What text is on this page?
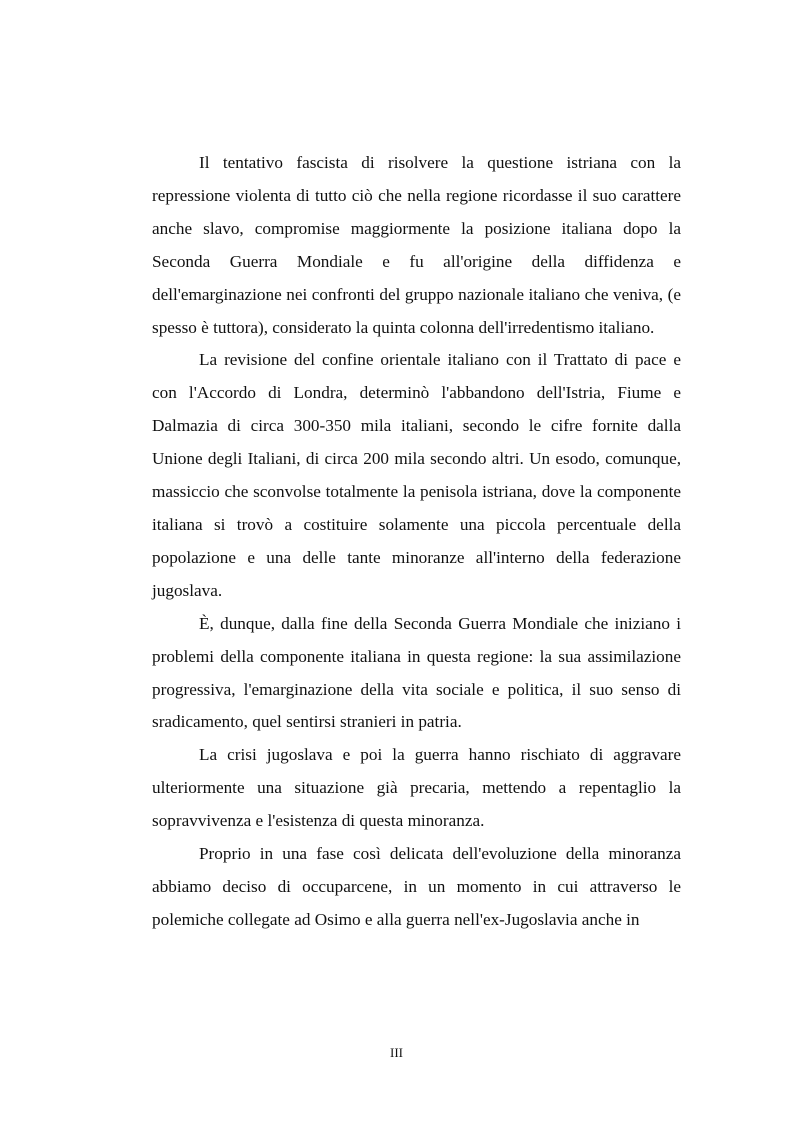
Il tentativo fascista di risolvere la questione istriana con la repressione violenta di tutto ciò che nella regione ricordasse il suo carattere anche slavo, compromise maggiormente la posizione italiana dopo la Seconda Guerra Mondiale e fu all'origine della diffidenza e dell'emarginazione nei confronti del gruppo nazionale italiano che veniva, (e spesso è tuttora), considerato la quinta colonna dell'irredentismo italiano.

La revisione del confine orientale italiano con il Trattato di pace e con l'Accordo di Londra, determinò l'abbandono dell'Istria, Fiume e Dalmazia di circa 300-350 mila italiani, secondo le cifre fornite dalla Unione degli Italiani, di circa 200 mila secondo altri. Un esodo, comunque, massiccio che sconvolse totalmente la penisola istriana, dove la componente italiana si trovò a costituire solamente una piccola percentuale della popolazione e una delle tante minoranze all'interno della federazione jugoslava.

È, dunque, dalla fine della Seconda Guerra Mondiale che iniziano i problemi della componente italiana in questa regione: la sua assimilazione progressiva, l'emarginazione della vita sociale e politica, il suo senso di sradicamento, quel sentirsi stranieri in patria.

La crisi jugoslava e poi la guerra hanno rischiato di aggravare ulteriormente una situazione già precaria, mettendo a repentaglio la sopravvivenza e l'esistenza di questa minoranza.

Proprio in una fase così delicata dell'evoluzione della minoranza abbiamo deciso di occuparcene, in un momento in cui attraverso le polemiche collegate ad Osimo e alla guerra nell'ex-Jugoslavia anche in

III
